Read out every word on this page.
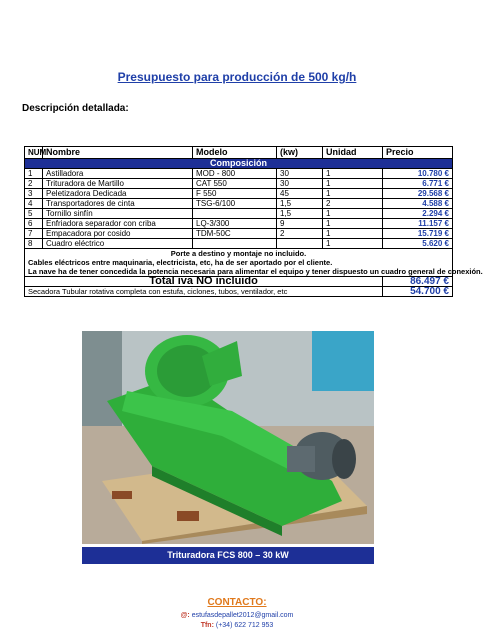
Presupuesto para producción de 500 kg/h
Descripción detallada:
NUM	Nombre	Modelo	(kw)	Unidad	Precio
Composición					
1	Astilladora	MOD - 800	30	1	10.780 €
2	Trituradora de Martillo	CAT 550	30	1	6.771 €
3	Peletizadora Dedicada	F 550	45	1	29.568 €
4	Transportadores de cinta	TSG-6/100	1,5	2	4.588 €
5	Tornillo sinfín		1,5	1	2.294 €
6	Enfriadora separador con criba	LQ-3/300	9	1	11.157 €
7	Empacadora por cosido	TDM-50C	2	1	15.719 €
8	Cuadro eléctrico			1	5.620 €

Porte a destino y montaje no incluido.
Cables eléctricos entre maquinaria, electricista, etc, ha de ser aportado por el cliente.
La nave ha de tener concedida la potencia necesaria para alimentar el equipo y tener dispuesto un cuadro general de conexión.					

Total iva NO incluido					86.497 €
Secadora Tubular rotativa completa con estufa, ciclones, tubos, ventilador, etc					54.700 €
Trituradora FCS 800 – 30 kW
CONTACTO:
@: estufasdepallet2012@gmail.com
Tfn: (+34) 622 712 953
